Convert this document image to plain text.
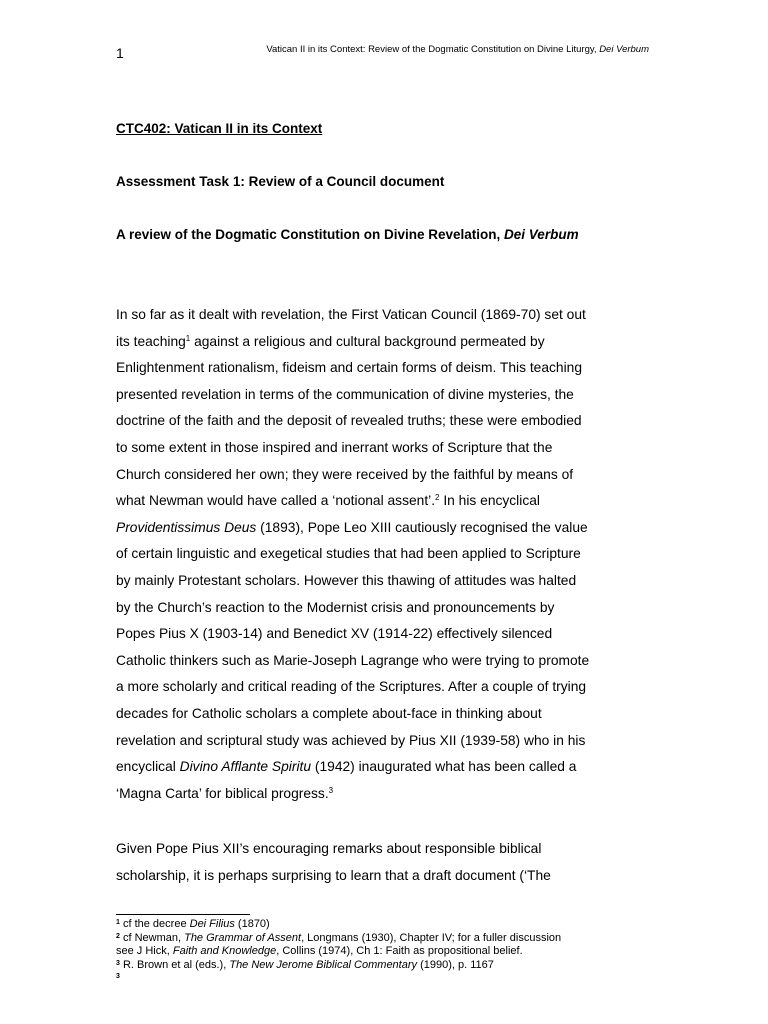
1	Vatican II in its Context: Review of the Dogmatic Constitution on Divine Liturgy, Dei Verbum
CTC402: Vatican II in its Context
Assessment Task 1: Review of a Council document
A review of the Dogmatic Constitution on Divine Revelation, Dei Verbum
In so far as it dealt with revelation, the First Vatican Council (1869-70) set out
its teaching$^1$ against a religious and cultural background permeated by
Enlightenment rationalism, fideism and certain forms of deism. This teaching
presented revelation in terms of the communication of divine mysteries, the
doctrine of the faith and the deposit of revealed truths; these were embodied
to some extent in those inspired and inerrant works of Scripture that the
Church considered her own; they were received by the faithful by means of
what Newman would have called a ‘notional assent’.$^2$ In his encyclical
Providentissimus Deus (1893), Pope Leo XIII cautiously recognised the value
of certain linguistic and exegetical studies that had been applied to Scripture
by mainly Protestant scholars. However this thawing of attitudes was halted
by the Church’s reaction to the Modernist crisis and pronouncements by
Popes Pius X (1903-14) and Benedict XV (1914-22) effectively silenced
Catholic thinkers such as Marie-Joseph Lagrange who were trying to promote
a more scholarly and critical reading of the Scriptures. After a couple of trying
decades for Catholic scholars a complete about-face in thinking about
revelation and scriptural study was achieved by Pius XII (1939-58) who in his
encyclical Divino Afflante Spiritu (1942) inaugurated what has been called a
‘Magna Carta’ for biblical progress.$^3$
Given Pope Pius XII’s encouraging remarks about responsible biblical
scholarship, it is perhaps surprising to learn that a draft document (‘The
$^1$ cf the decree Dei Filius (1870)
$^2$ cf Newman, The Grammar of Assent, Longmans (1930), Chapter IV; for a fuller discussion
see J Hick, Faith and Knowledge, Collins (1974), Ch 1: Faith as propositional belief.
$^3$ R. Brown et al (eds.), The New Jerome Biblical Commentary (1990), p. 1167
$^3$
